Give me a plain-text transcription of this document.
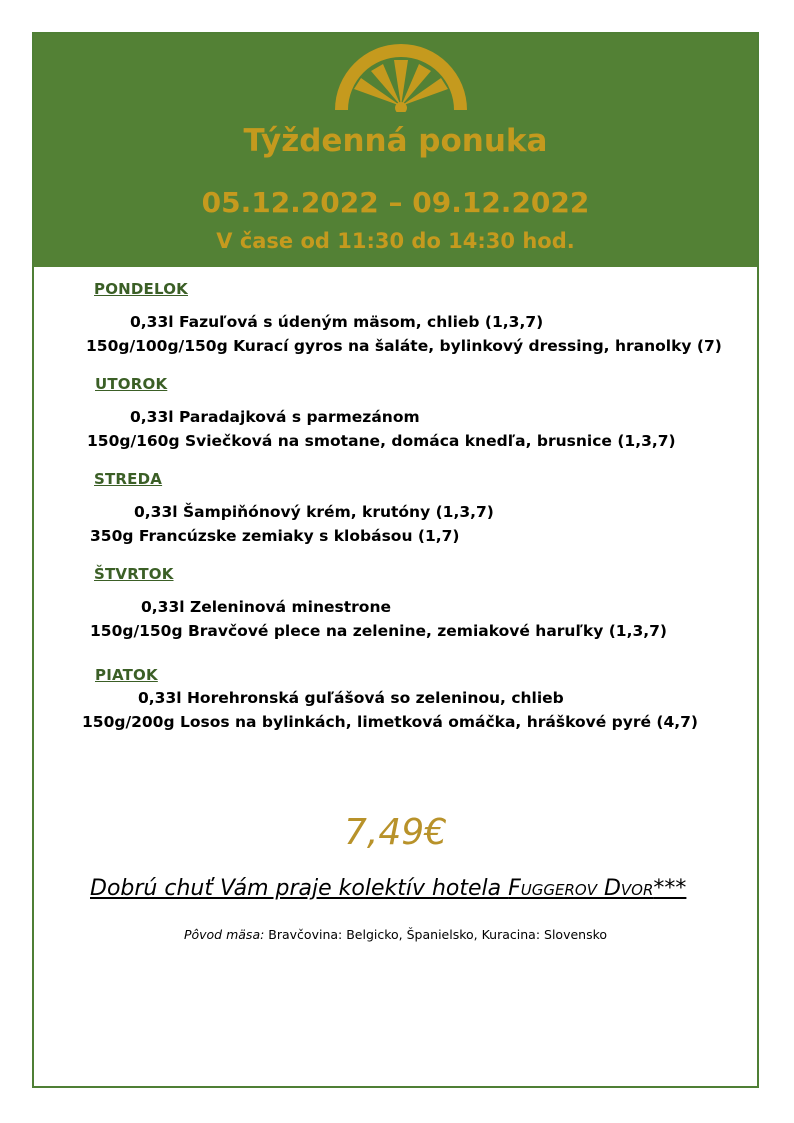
Týždenná ponuka
05.12.2022 – 09.12.2022
V čase od 11:30 do 14:30 hod.
PONDELOK
0,33l Fazuľová s údeným mäsom, chlieb (1,3,7)
150g/100g/150g Kurací gyros na šaláte, bylinkový dressing, hranolky (7)
UTOROK
0,33l Paradajková s parmezánom
150g/160g Sviečková na smotane, domáca knedľa, brusnice (1,3,7)
STREDA
0,33l Šampiňónový krém, krutóny (1,3,7)
350g Francúzske zemiaky s klobásou (1,7)
ŠTVRTOK
0,33l Zeleninová minestrone
150g/150g Bravčové plece na zelenine, zemiakové haruľky (1,3,7)
PIATOK
0,33l Horehronská guľášová so zeleninou, chlieb
150g/200g Losos na bylinkách, limetková omáčka, hráškové pyré (4,7)
7,49€
Dobrú chuť Vám praje kolektív hotela Fuggerov Dvor***
Pôvod mäsa: Bravčovina: Belgicko, Španielsko, Kuracina: Slovensko
